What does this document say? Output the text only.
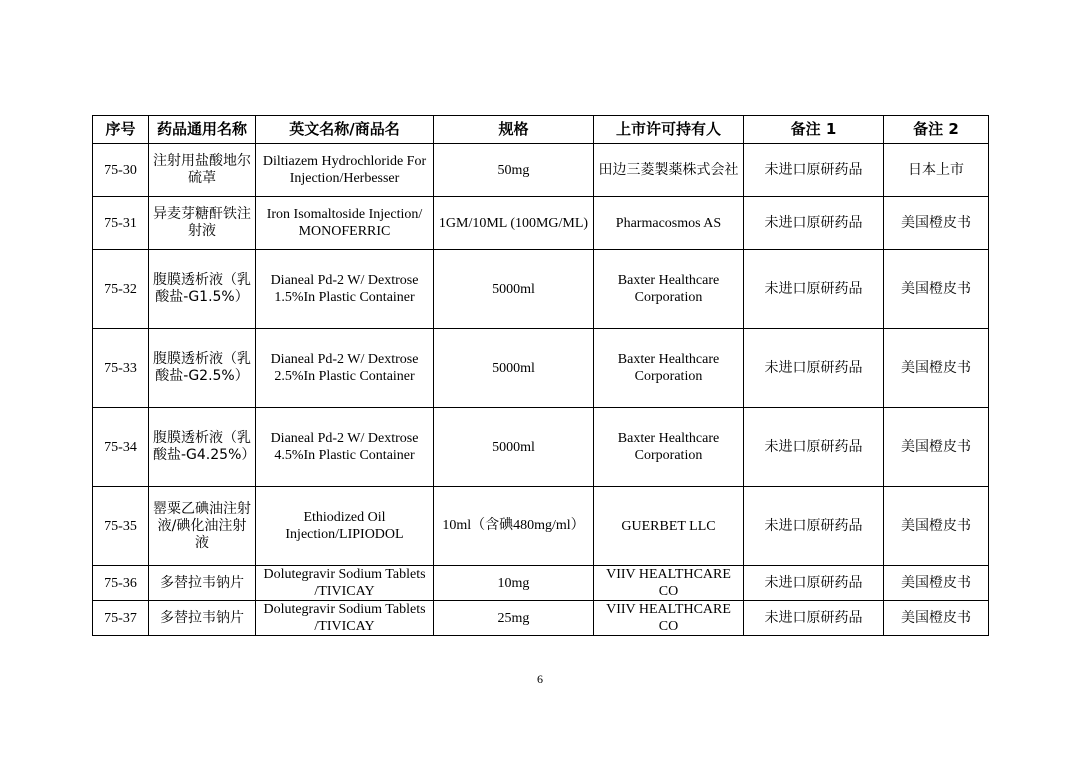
序号	药品通用名称	英文名称/商品名	规格	上市许可持有人	备注 1	备注 2
75-30	注射用盐酸地尔硫䓬	Diltiazem Hydrochloride For Injection/Herbesser	50mg	田边三菱製薬株式会社	未进口原研药品	日本上市
75-31	异麦芽糖酐铁注射液	Iron Isomaltoside Injection/ MONOFERRIC	1GM/10ML (100MG/ML)	Pharmacosmos AS	未进口原研药品	美国橙皮书
75-32	腹膜透析液（乳酸盐-G1.5%）	Dianeal Pd-2 W/ Dextrose 1.5%In Plastic Container	5000ml	Baxter Healthcare Corporation	未进口原研药品	美国橙皮书
75-33	腹膜透析液（乳酸盐-G2.5%）	Dianeal Pd-2 W/ Dextrose 2.5%In Plastic Container	5000ml	Baxter Healthcare Corporation	未进口原研药品	美国橙皮书
75-34	腹膜透析液（乳酸盐-G4.25%）	Dianeal Pd-2 W/ Dextrose 4.5%In Plastic Container	5000ml	Baxter Healthcare Corporation	未进口原研药品	美国橙皮书
75-35	罂粟乙碘油注射液/碘化油注射液	Ethiodized Oil Injection/LIPIODOL	10ml（含碘480mg/ml）	GUERBET LLC	未进口原研药品	美国橙皮书
75-36	多替拉韦钠片	Dolutegravir Sodium Tablets /TIVICAY	10mg	VIIV HEALTHCARE CO	未进口原研药品	美国橙皮书
75-37	多替拉韦钠片	Dolutegravir Sodium Tablets /TIVICAY	25mg	VIIV HEALTHCARE CO	未进口原研药品	美国橙皮书
6
